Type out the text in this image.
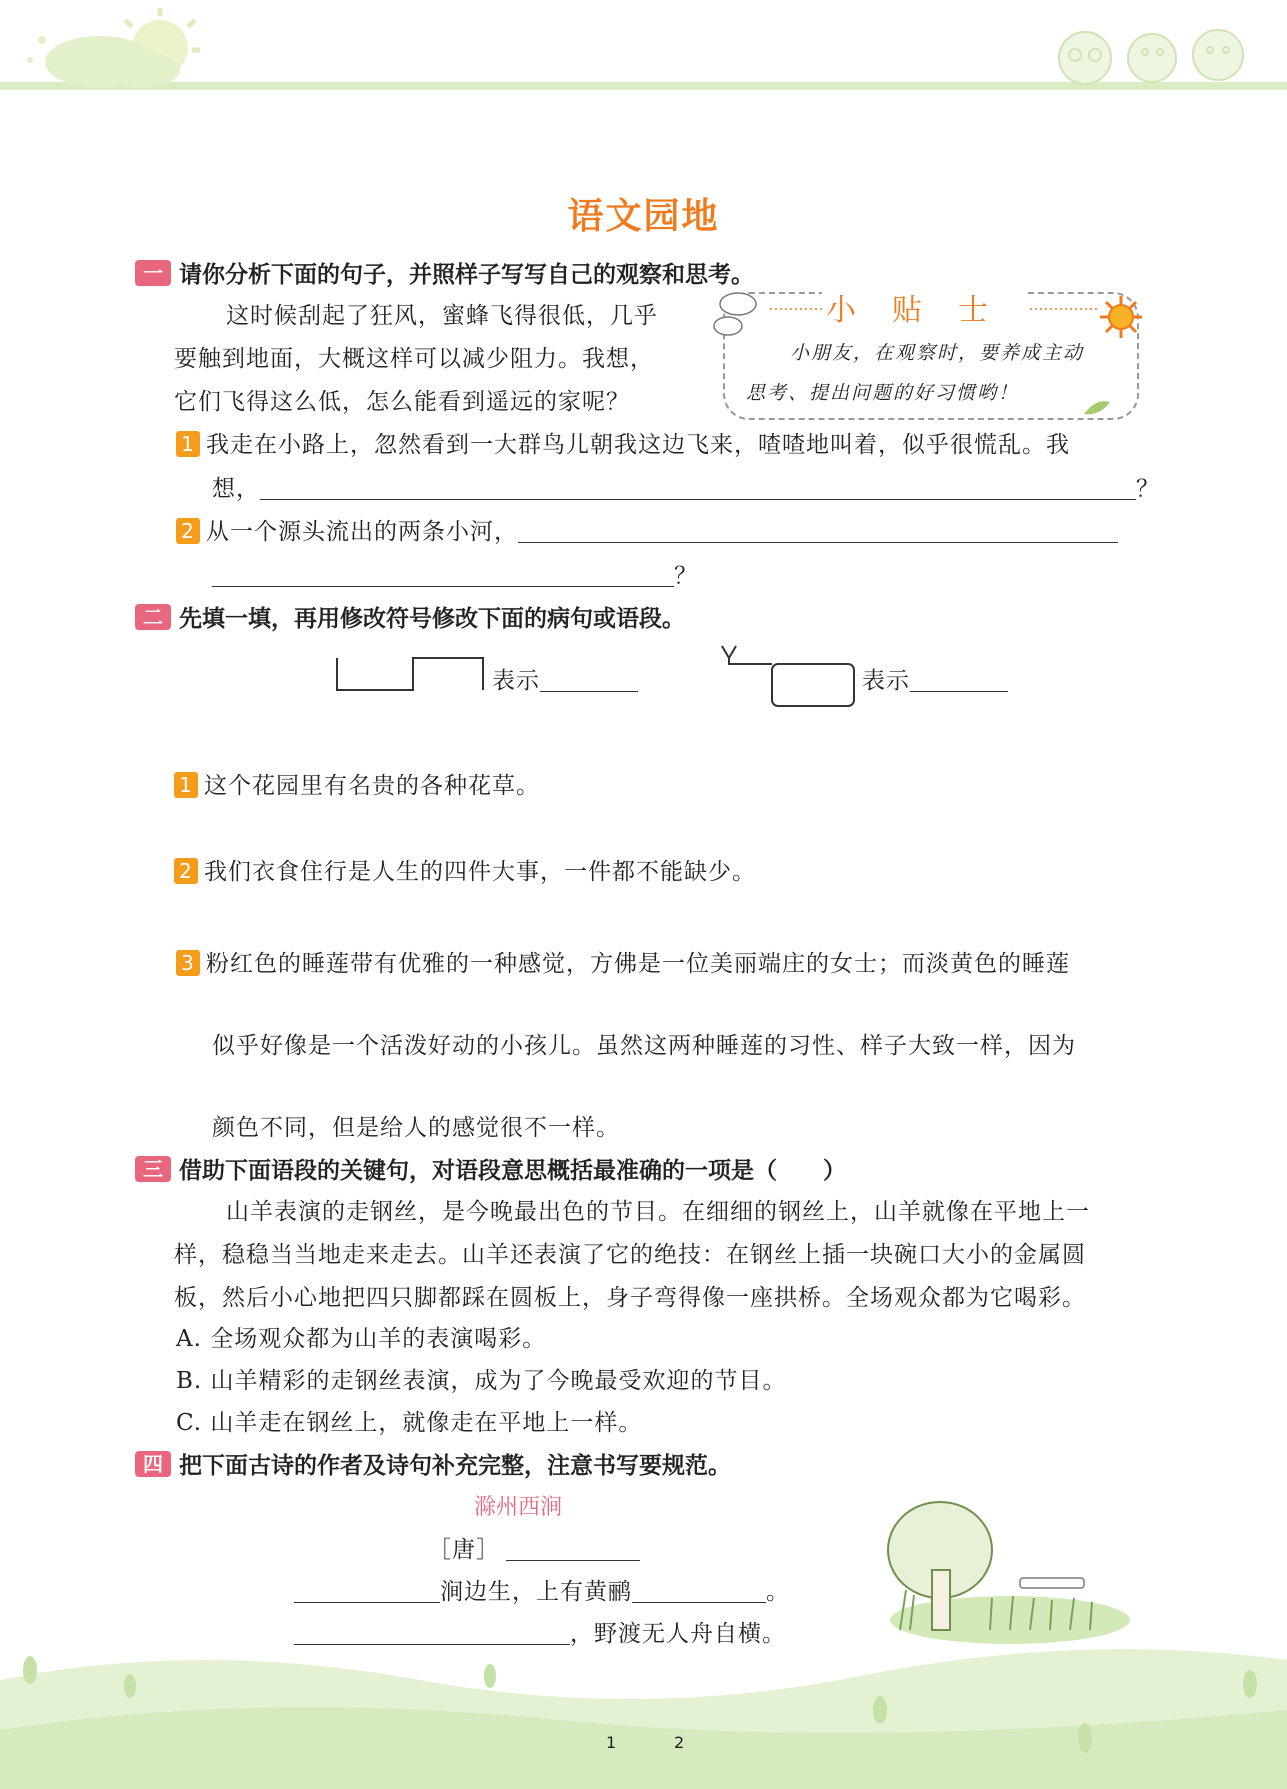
语文园地
一 请你分析下面的句子，并照样子写写自己的观察和思考。
这时候刮起了狂风，蜜蜂飞得很低，几乎
要触到地面，大概这样可以减少阻力。我想，
它们飞得这么低，怎么能看到遥远的家呢？
小贴士
小朋友，在观察时，要养成主动
思考、提出问题的好习惯哟！
1 我走在小路上，忽然看到一大群鸟儿朝我这边飞来，喳喳地叫着，似乎很慌乱。我
想，	？
2 从一个源头流出的两条小河，
？
二 先填一填，再用修改符号修改下面的病句或语段。
表示	表示
1 这个花园里有名贵的各种花草。
2 我们衣食住行是人生的四件大事，一件都不能缺少。
3 粉红色的睡莲带有优雅的一种感觉，方佛是一位美丽端庄的女士；而淡黄色的睡莲
似乎好像是一个活泼好动的小孩儿。虽然这两种睡莲的习性、样子大致一样，因为
颜色不同，但是给人的感觉很不一样。
三 借助下面语段的关键句，对语段意思概括最准确的一项是（　　）
山羊表演的走钢丝，是今晚最出色的节目。在细细的钢丝上，山羊就像在平地上一
样，稳稳当当地走来走去。山羊还表演了它的绝技：在钢丝上插一块碗口大小的金属圆
板，然后小心地把四只脚都踩在圆板上，身子弯得像一座拱桥。全场观众都为它喝彩。
A. 全场观众都为山羊的表演喝彩。
B. 山羊精彩的走钢丝表演，成为了今晚最受欢迎的节目。
C. 山羊走在钢丝上，就像走在平地上一样。
四 把下面古诗的作者及诗句补充完整，注意书写要规范。
滁州西涧
［唐］
涧边生，上有黄鹂	。
，野渡无人舟自横。
1	2
